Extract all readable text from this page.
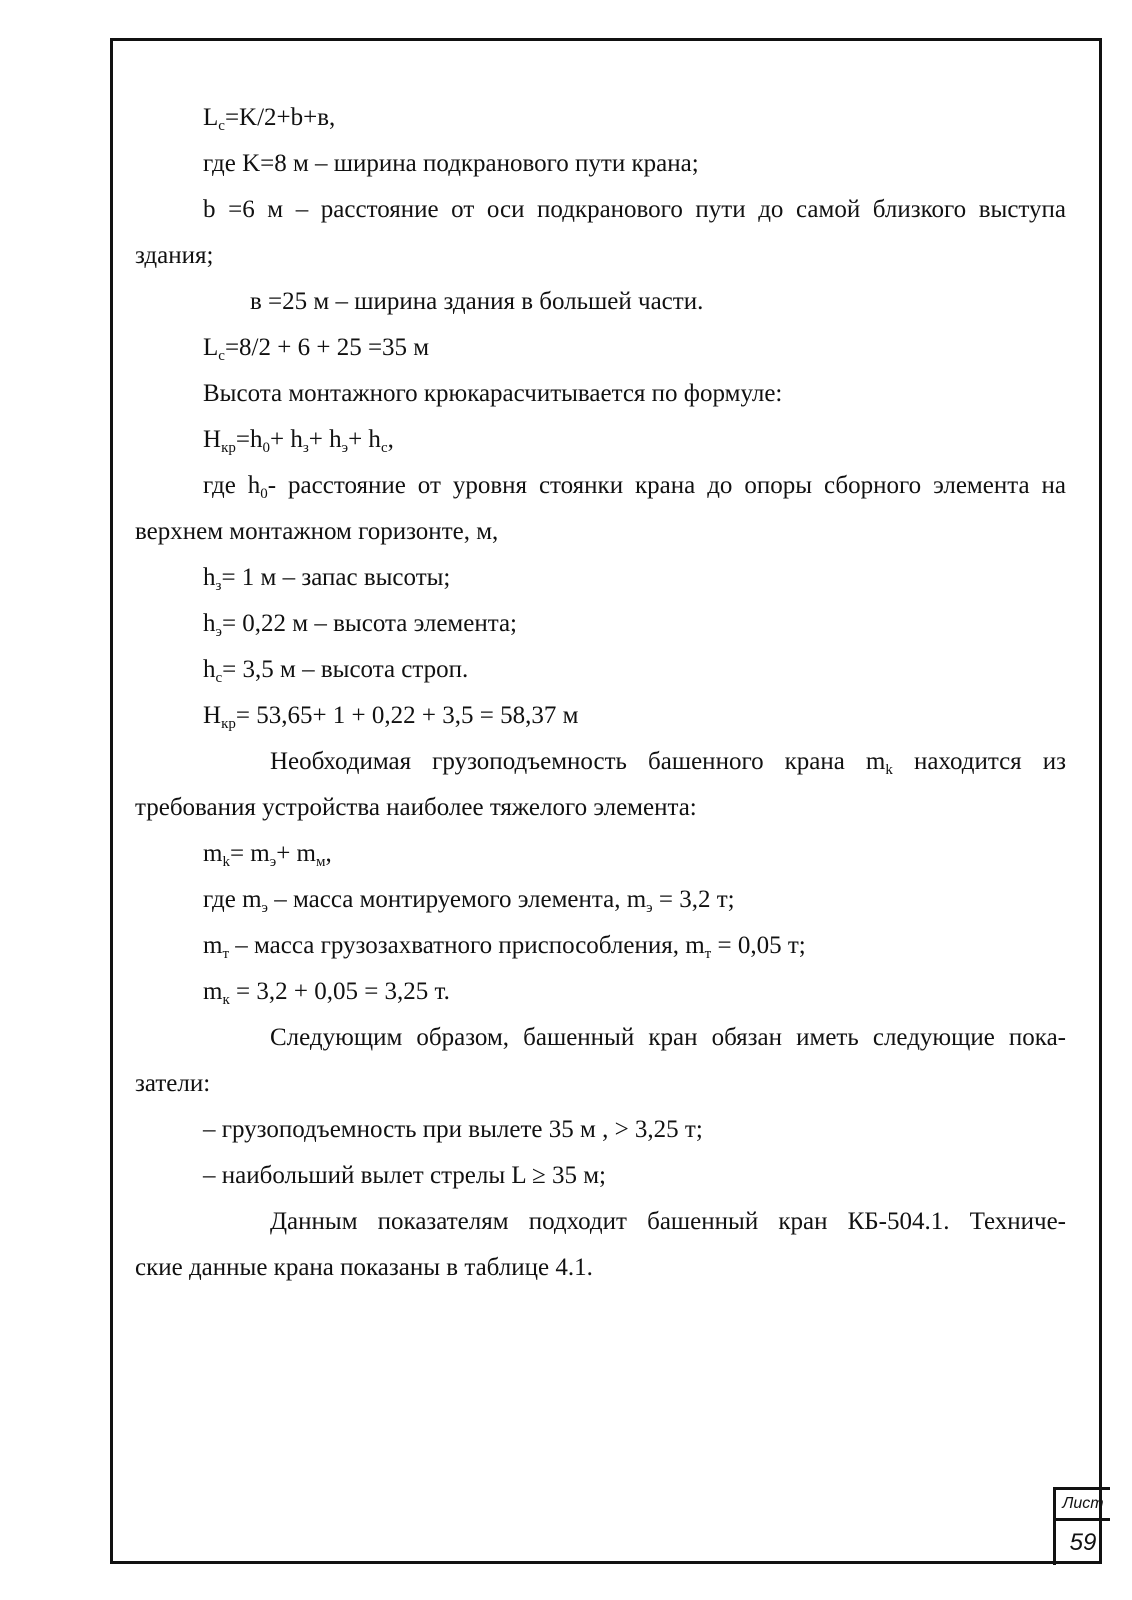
$L_с=K/2+b+в$,

где K=8 м – ширина подкранового пути крана;

b =6 м – расстояние от оси подкранового пути до самой близкого выступа

здания;

в =25 м – ширина здания в большей части.

$L_с=8/2 + 6 + 25 =35$ м

Высота монтажного крюкарасчитывается по формуле:

$H_{кр}=h_0+ h_з+ h_э+ h_с$,

где $h_0-$ расстояние от уровня стоянки крана до опоры сборного элемента на

верхнем монтажном горизонте, м,

$h_з= 1$ м – запас высоты;

$h_э= 0,22$ м – высота элемента;

$h_с= 3,5$ м – высота строп.

$H_{кр}= 53,65+ 1 + 0,22 + 3,5 = 58,37$ м

Необходимая грузоподъемность башенного крана $m_k$ находится из

требования устройства наиболее тяжелого элемента:

$m_k= m_э+ m_м$,

где $m_э$ – масса монтируемого элемента, $m_э = 3,2$ т;

$m_т$ – масса грузозахватного приспособления, $m_т = 0,05$ т;

$m_к = 3,2 + 0,05 = 3,25$ т.

Следующим образом, башенный кран обязан иметь следующие пока-

затели:

– грузоподъемность при вылете 35 м , > 3,25 т;

– наибольший вылет стрелы L ≥ 35 м;

Данным показателям подходит башенный кран КБ-504.1. Техниче-

ские данные крана показаны в таблице 4.1.

Лист
59
